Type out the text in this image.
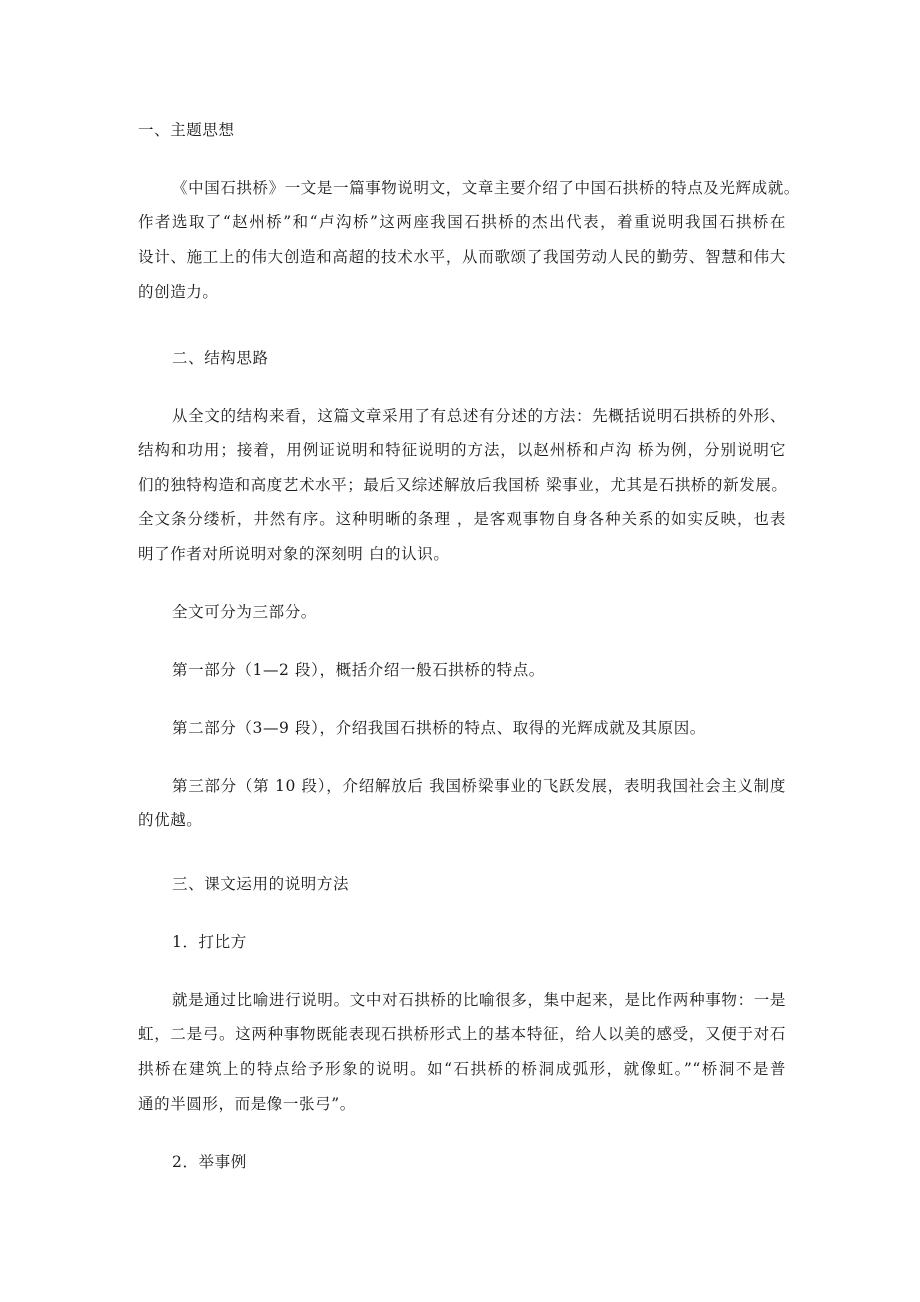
一、主题思想
《中国石拱桥》一文是一篇事物说明文，文章主要介绍了中国石拱桥的特点及光辉成就。
作者选取了“赵州桥”和“卢沟桥”这两座我国石拱桥的杰出代表，着重说明我国石拱桥在
设计、施工上的伟大创造和高超的技术水平，从而歌颂了我国劳动人民的勤劳、智慧和伟大
的创造力。
二、结构思路
从全文的结构来看，这篇文章采用了有总述有分述的方法：先概括说明石拱桥的外形、
结构和功用；接着，用例证说明和特征说明的方法，以赵州桥和卢沟 桥为例，分别说明它
们的独特构造和高度艺术水平；最后又综述解放后我国桥 梁事业，尤其是石拱桥的新发展。
全文条分缕析，井然有序。这种明晰的条理 ，是客观事物自身各种关系的如实反映，也表
明了作者对所说明对象的深刻明 白的认识。
全文可分为三部分。
第一部分（1—2 段），概括介绍一般石拱桥的特点。
第二部分（3—9 段），介绍我国石拱桥的特点、取得的光辉成就及其原因。
第三部分（第 10 段），介绍解放后 我国桥梁事业的飞跃发展，表明我国社会主义制度
的优越。
三、课文运用的说明方法
1．打比方
就是通过比喻进行说明。文中对石拱桥的比喻很多，集中起来，是比作两种事物：一是
虹，二是弓。这两种事物既能表现石拱桥形式上的基本特征，给人以美的感受，又便于对石
拱桥在建筑上的特点给予形象的说明。如“石拱桥的桥洞成弧形，就像虹。”“桥洞不是普
通的半圆形，而是像一张弓”。
2．举事例
